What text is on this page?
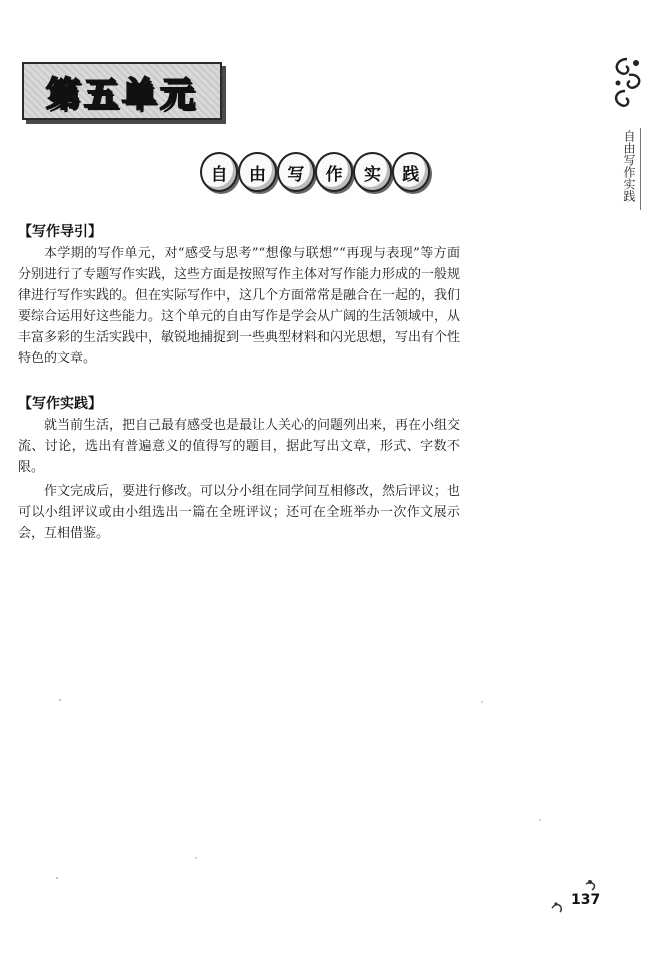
第五单元
自由写作实践
自	由	写	作	实	践
【写作导引】

本学期的写作单元，对“感受与思考”“想像与联想”“再现与表现”等方面分别进行了专题写作实践，这些方面是按照写作主体对写作能力形成的一般规律进行写作实践的。但在实际写作中，这几个方面常常是融合在一起的，我们要综合运用好这些能力。这个单元的自由写作是学会从广阔的生活领域中，从丰富多彩的生活实践中，敏锐地捕捉到一些典型材料和闪光思想，写出有个性特色的文章。

【写作实践】

就当前生活，把自己最有感受也是最让人关心的问题列出来，再在小组交流、讨论，选出有普遍意义的值得写的题目，据此写出文章，形式、字数不限。

作文完成后，要进行修改。可以分小组在同学间互相修改，然后评议；也可以小组评议或由小组选出一篇在全班评议；还可在全班举办一次作文展示会，互相借鉴。

137
